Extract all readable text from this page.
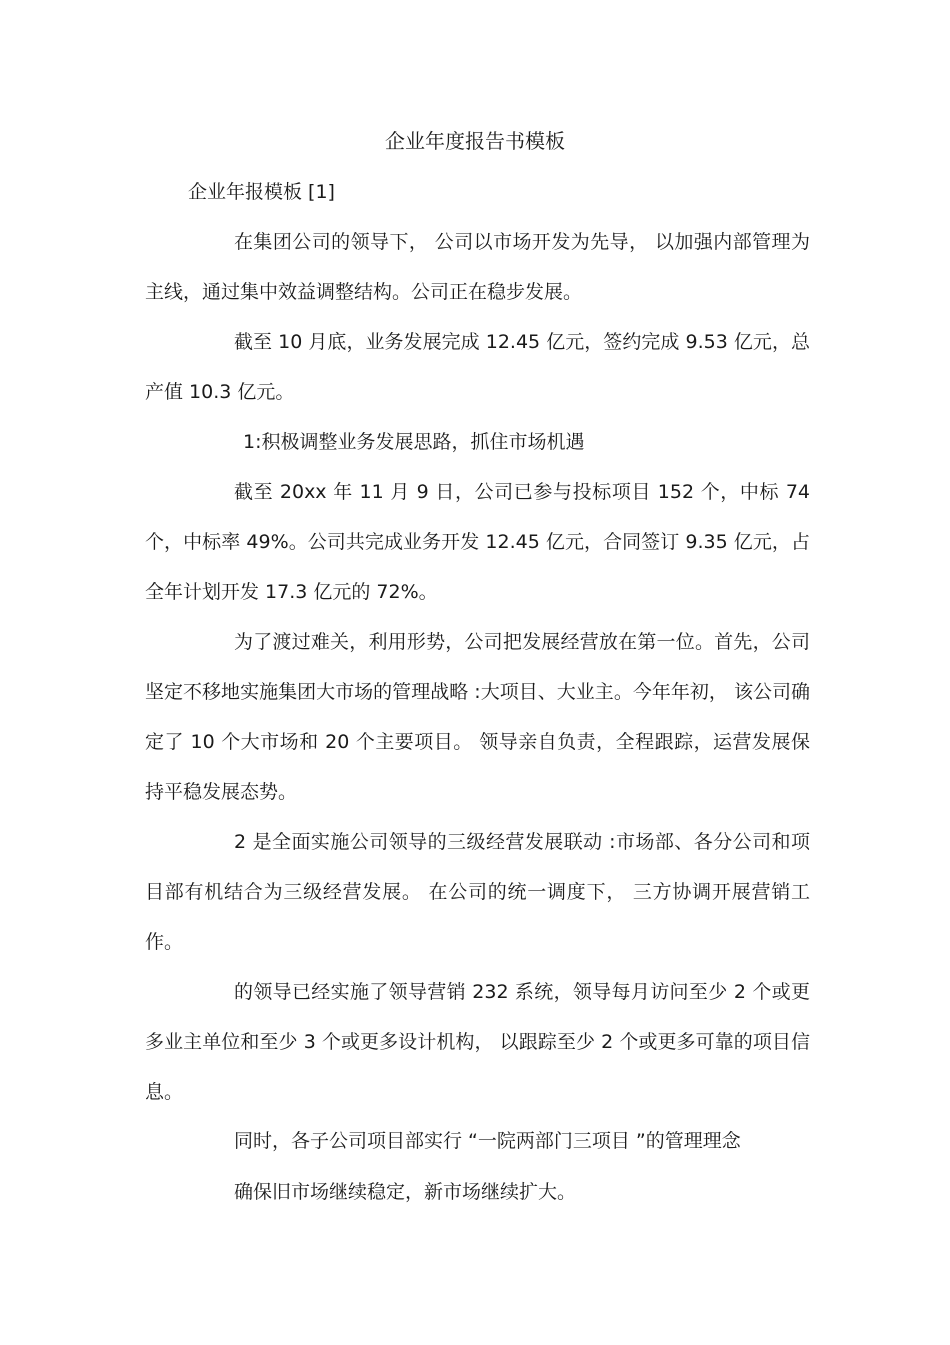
企业年度报告书模板
企业年报模板 [1]

在集团公司的领导下， 公司以市场开发为先导， 以加强内部管理为主线，通过集中效益调整结构。公司正在稳步发展。

截至 10 月底，业务发展完成 12.45 亿元，签约完成 9.53 亿元，总产值 10.3 亿元。

1:积极调整业务发展思路，抓住市场机遇

截至 20xx 年 11 月 9 日，公司已参与投标项目 152 个，中标 74 个，中标率 49%。公司共完成业务开发 12.45 亿元，合同签订 9.35 亿元，占全年计划开发 17.3 亿元的 72%。

为了渡过难关，利用形势，公司把发展经营放在第一位。首先，公司坚定不移地实施集团大市场的管理战略 :大项目、大业主。今年年初， 该公司确定了 10 个大市场和 20 个主要项目。 领导亲自负责，全程跟踪，运营发展保持平稳发展态势。

2 是全面实施公司领导的三级经营发展联动 :市场部、各分公司和项目部有机结合为三级经营发展。 在公司的统一调度下， 三方协调开展营销工作。

的领导已经实施了领导营销 232 系统，领导每月访问至少 2 个或更多业主单位和至少 3 个或更多设计机构， 以跟踪至少 2 个或更多可靠的项目信息。

同时，各子公司项目部实行 “一院两部门三项目 ”的管理理念
确保旧市场继续稳定，新市场继续扩大。
